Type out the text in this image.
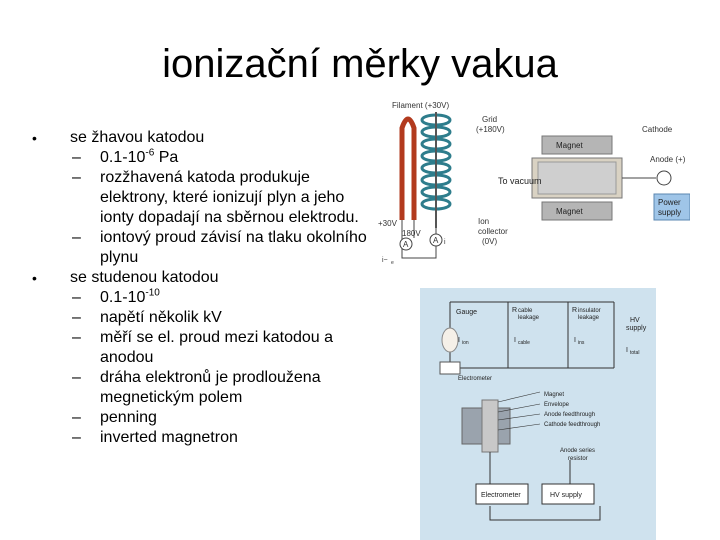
ionizační měrky vakua
• se žhavou katodou
– $0.1-10^{-6}$ Pa
– rozžhavená katoda produkuje elektrony, které ionizují plyn a jeho ionty dopadají na sběrnou elektrodu.
– iontový proud závisí na tlaku okolního plynu
• se studenou katodou
– $0.1-10^{-10}$
– napětí několik kV
– měří se el. proud mezi katodou a anodou
– dráha elektronů je prodloužena megnetickým polem
– penning
– inverted magnetron
A	A i
Filament (+30V)
Grid
(+180V)
Ion
collector
(0V)
+30V
180V
i− e
Magnet
Magnet
To vacuum
Power
supply
Cathode
Anode (+)
Gauge	R cable
leakage
R insulator
leakage	HV
supply
I ion	I cable	I ins
I total
Electrometer
Magnet
Envelope
Anode feedthrough
Cathode feedthrough
Anode series
resistor
Electrometer	HV supply
